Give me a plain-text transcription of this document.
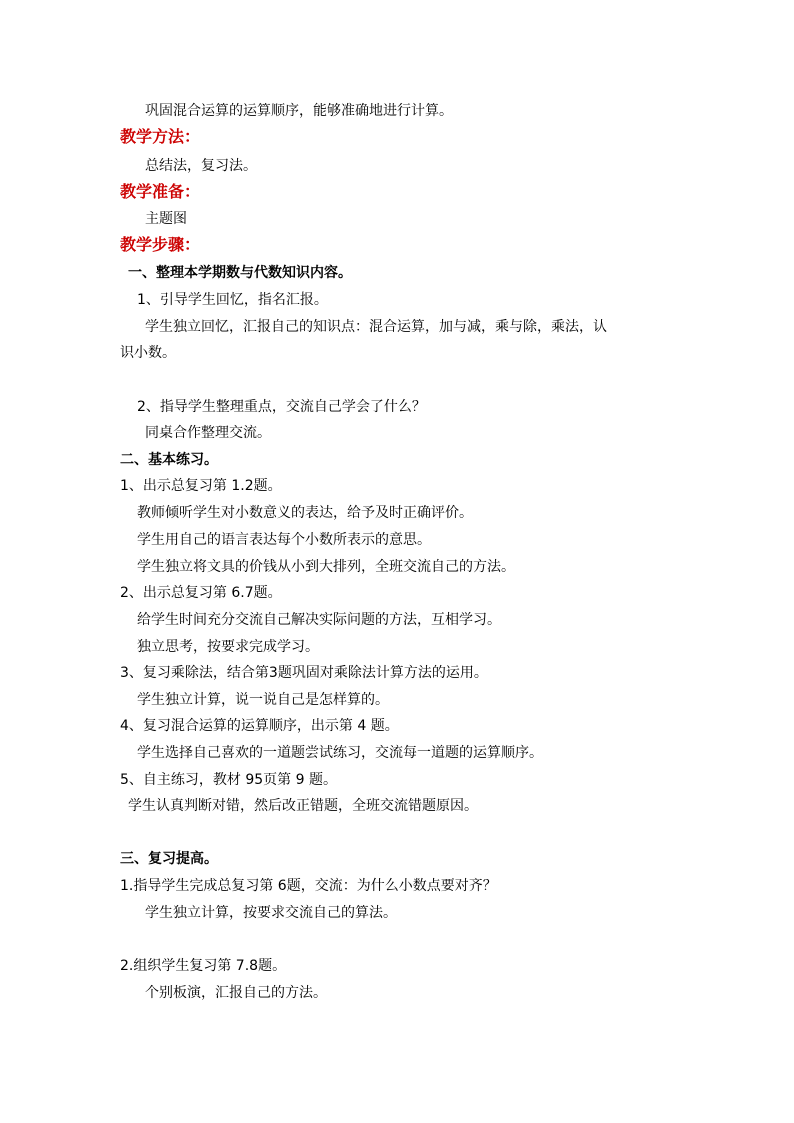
巩固混合运算的运算顺序，能够准确地进行计算。
教学方法：
总结法，复习法。
教学准备：
主题图
教学步骤：
一、整理本学期数与代数知识内容。
1、引导学生回忆，指名汇报。
学生独立回忆，汇报自己的知识点：混合运算，加与减，乘与除，乘法，认
识小数。
2、指导学生整理重点，交流自己学会了什么？
同桌合作整理交流。
二、基本练习。
1、出示总复习第 1.2题。
教师倾听学生对小数意义的表达，给予及时正确评价。
学生用自己的语言表达每个小数所表示的意思。
学生独立将文具的价钱从小到大排列，全班交流自己的方法。
2、出示总复习第 6.7题。
给学生时间充分交流自己解决实际问题的方法，互相学习。
独立思考，按要求完成学习。
3、复习乘除法，结合第3题巩固对乘除法计算方法的运用。
学生独立计算，说一说自己是怎样算的。
4、复习混合运算的运算顺序，出示第 4 题。
学生选择自己喜欢的一道题尝试练习，交流每一道题的运算顺序。
5、自主练习，教材 95页第 9 题。
学生认真判断对错，然后改正错题，全班交流错题原因。
三、复习提高。
1.指导学生完成总复习第 6题，交流：为什么小数点要对齐？
学生独立计算，按要求交流自己的算法。
2.组织学生复习第 7.8题。
个别板演，汇报自己的方法。
